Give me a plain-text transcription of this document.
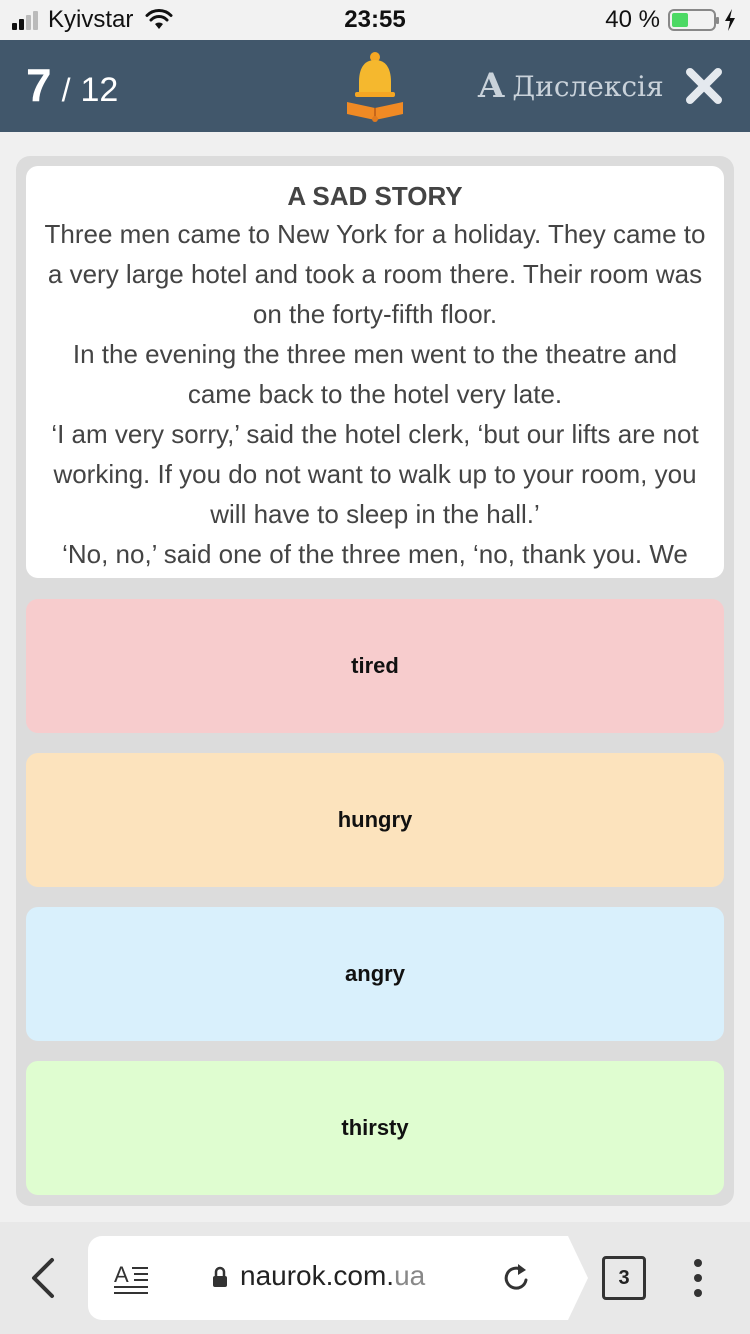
Kyivstar	23:55	40 %
7 / 12	A Дислексія
A SAD STORY

Three men came to New York for a holiday. They came to a very large hotel and took a room there. Their room was on the forty-fifth floor.

In the evening the three men went to the theatre and came back to the hotel very late.

‘I am very sorry,’ said the hotel clerk, ‘but our lifts are not working. If you do not want to walk up to your room, you will have to sleep in the hall.’

‘No, no,’ said one of the three men, ‘no, thank you. We

tired
hungry
angry
thirsty
A	naurok.com.ua	3
